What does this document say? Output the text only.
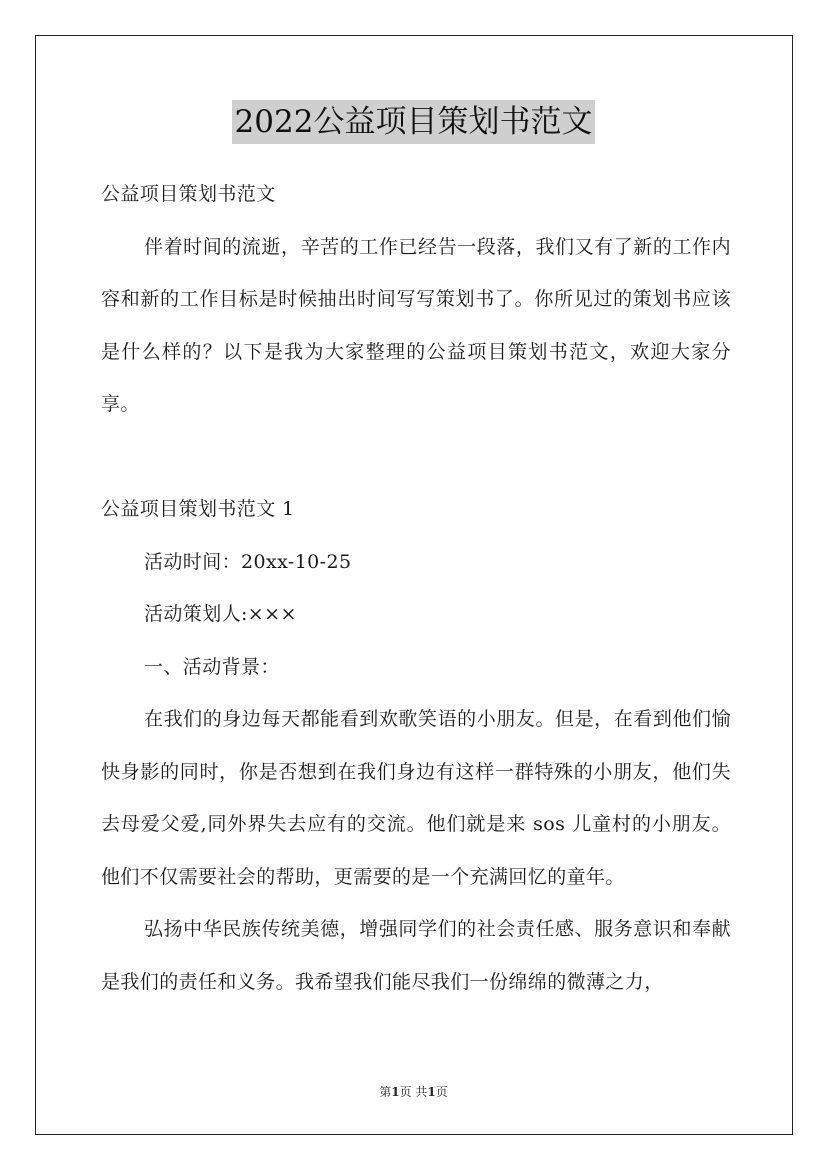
2022公益项目策划书范文

公益项目策划书范文

伴着时间的流逝，辛苦的工作已经告一段落，我们又有了新的工作内容和新的工作目标是时候抽出时间写写策划书了。你所见过的策划书应该是什么样的？以下是我为大家整理的公益项目策划书范文，欢迎大家分享。

公益项目策划书范文 1

活动时间：20xx-10-25

活动策划人:×××

一、活动背景：

在我们的身边每天都能看到欢歌笑语的小朋友。但是，在看到他们愉快身影的同时，你是否想到在我们身边有这样一群特殊的小朋友，他们失去母爱父爱,同外界失去应有的交流。他们就是来 sos 儿童村的小朋友。他们不仅需要社会的帮助，更需要的是一个充满回忆的童年。

弘扬中华民族传统美德，增强同学们的社会责任感、服务意识和奉献是我们的责任和义务。我希望我们能尽我们一份绵绵的微薄之力，

第1页 共1页
